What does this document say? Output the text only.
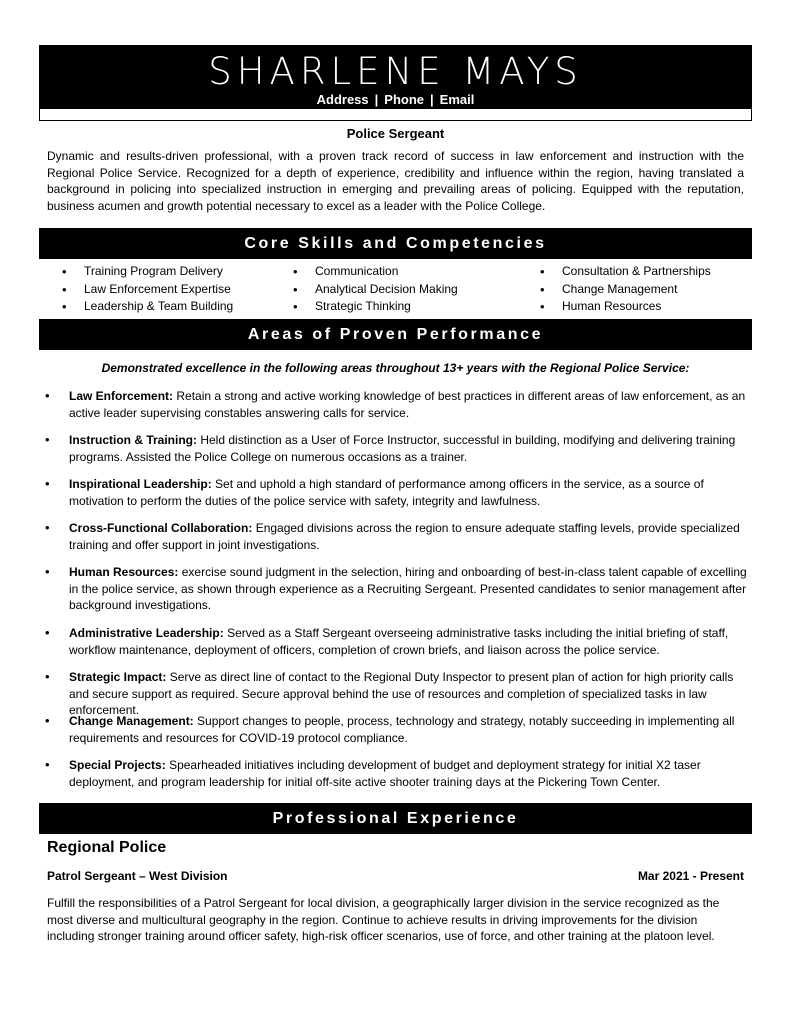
SHARLENE MAYS
Address | Phone | Email
Police Sergeant

Dynamic and results-driven professional, with a proven track record of success in law enforcement and instruction with the Regional Police Service. Recognized for a depth of experience, credibility and influence within the region, having translated a background in policing into specialized instruction in emerging and prevailing areas of policing. Equipped with the reputation, business acumen and growth potential necessary to excel as a leader with the Police College.

Core Skills and Competencies
• Training Program Delivery
• Law Enforcement Expertise
• Leadership & Team Building
• Communication
• Analytical Decision Making
• Strategic Thinking
• Consultation & Partnerships
• Change Management
• Human Resources
Areas of Proven Performance
Demonstrated excellence in the following areas throughout 13+ years with the Regional Police Service:
• Law Enforcement: Retain a strong and active working knowledge of best practices in different areas of law enforcement, as an active leader supervising constables answering calls for service.
• Instruction & Training: Held distinction as a User of Force Instructor, successful in building, modifying and delivering training programs. Assisted the Police College on numerous occasions as a trainer.
• Inspirational Leadership: Set and uphold a high standard of performance among officers in the service, as a source of motivation to perform the duties of the police service with safety, integrity and lawfulness.
• Cross-Functional Collaboration: Engaged divisions across the region to ensure adequate staffing levels, provide specialized training and offer support in joint investigations.
• Human Resources: exercise sound judgment in the selection, hiring and onboarding of best-in-class talent capable of excelling in the police service, as shown through experience as a Recruiting Sergeant. Presented candidates to senior management after background investigations.
• Administrative Leadership: Served as a Staff Sergeant overseeing administrative tasks including the initial briefing of staff, workflow maintenance, deployment of officers, completion of crown briefs, and liaison across the police service.
• Strategic Impact: Serve as direct line of contact to the Regional Duty Inspector to present plan of action for high priority calls and secure support as required. Secure approval behind the use of resources and completion of specialized tasks in law enforcement.
• Change Management: Support changes to people, process, technology and strategy, notably succeeding in implementing all requirements and resources for COVID-19 protocol compliance.
• Special Projects: Spearheaded initiatives including development of budget and deployment strategy for initial X2 taser deployment, and program leadership for initial off-site active shooter training days at the Pickering Town Center.
Professional Experience
Regional Police
Patrol Sergeant – West Division	Mar 2021 - Present

Fulfill the responsibilities of a Patrol Sergeant for local division, a geographically larger division in the service recognized as the most diverse and multicultural geography in the region. Continue to achieve results in driving improvements for the division including stronger training around officer safety, high-risk officer scenarios, use of force, and other training at the platoon level.
